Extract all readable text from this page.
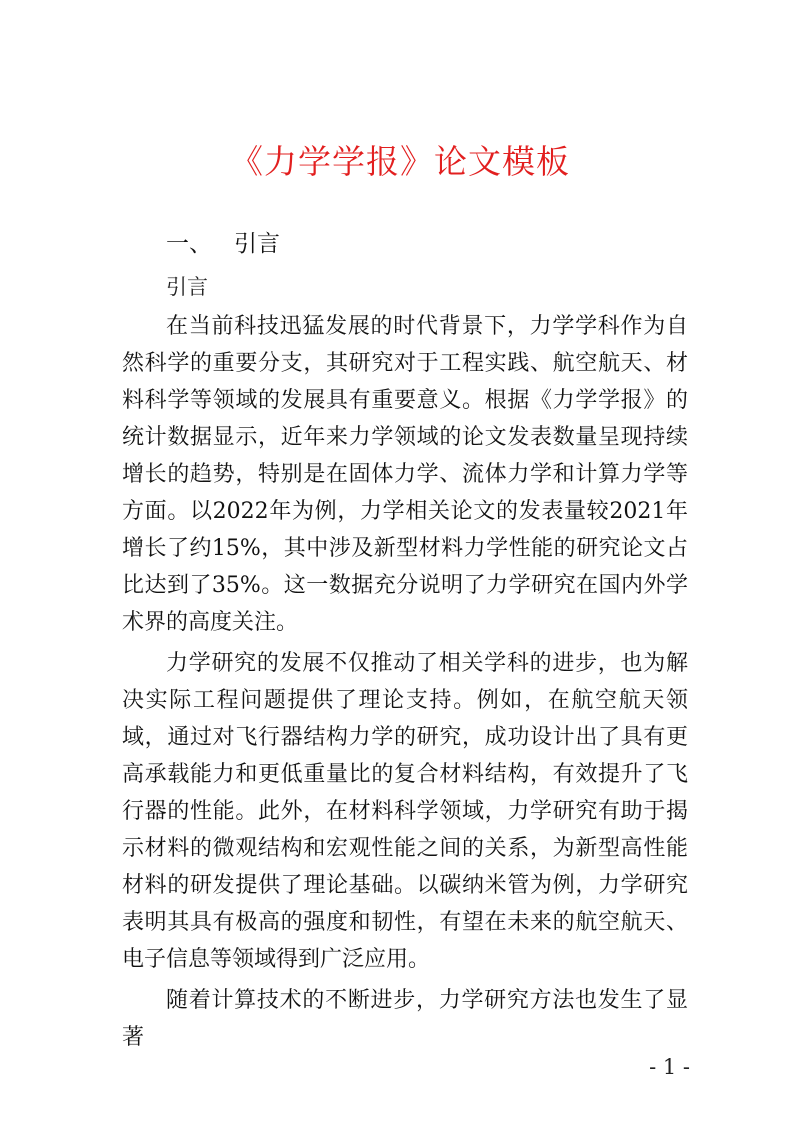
《力学学报》论文模板
一、 引言
引言

在当前科技迅猛发展的时代背景下，力学学科作为自然科学的重要分支，其研究对于工程实践、航空航天、材料科学等领域的发展具有重要意义。根据《力学学报》的统计数据显示，近年来力学领域的论文发表数量呈现持续增长的趋势，特别是在固体力学、流体力学和计算力学等方面。以2022年为例，力学相关论文的发表量较2021年增长了约15%，其中涉及新型材料力学性能的研究论文占比达到了35%。这一数据充分说明了力学研究在国内外学术界的高度关注。

力学研究的发展不仅推动了相关学科的进步，也为解决实际工程问题提供了理论支持。例如，在航空航天领域，通过对飞行器结构力学的研究，成功设计出了具有更高承载能力和更低重量比的复合材料结构，有效提升了飞行器的性能。此外，在材料科学领域，力学研究有助于揭示材料的微观结构和宏观性能之间的关系，为新型高性能材料的研发提供了理论基础。以碳纳米管为例，力学研究表明其具有极高的强度和韧性，有望在未来的航空航天、电子信息等领域得到广泛应用。

随着计算技术的不断进步，力学研究方法也发生了显著

- 1 -
